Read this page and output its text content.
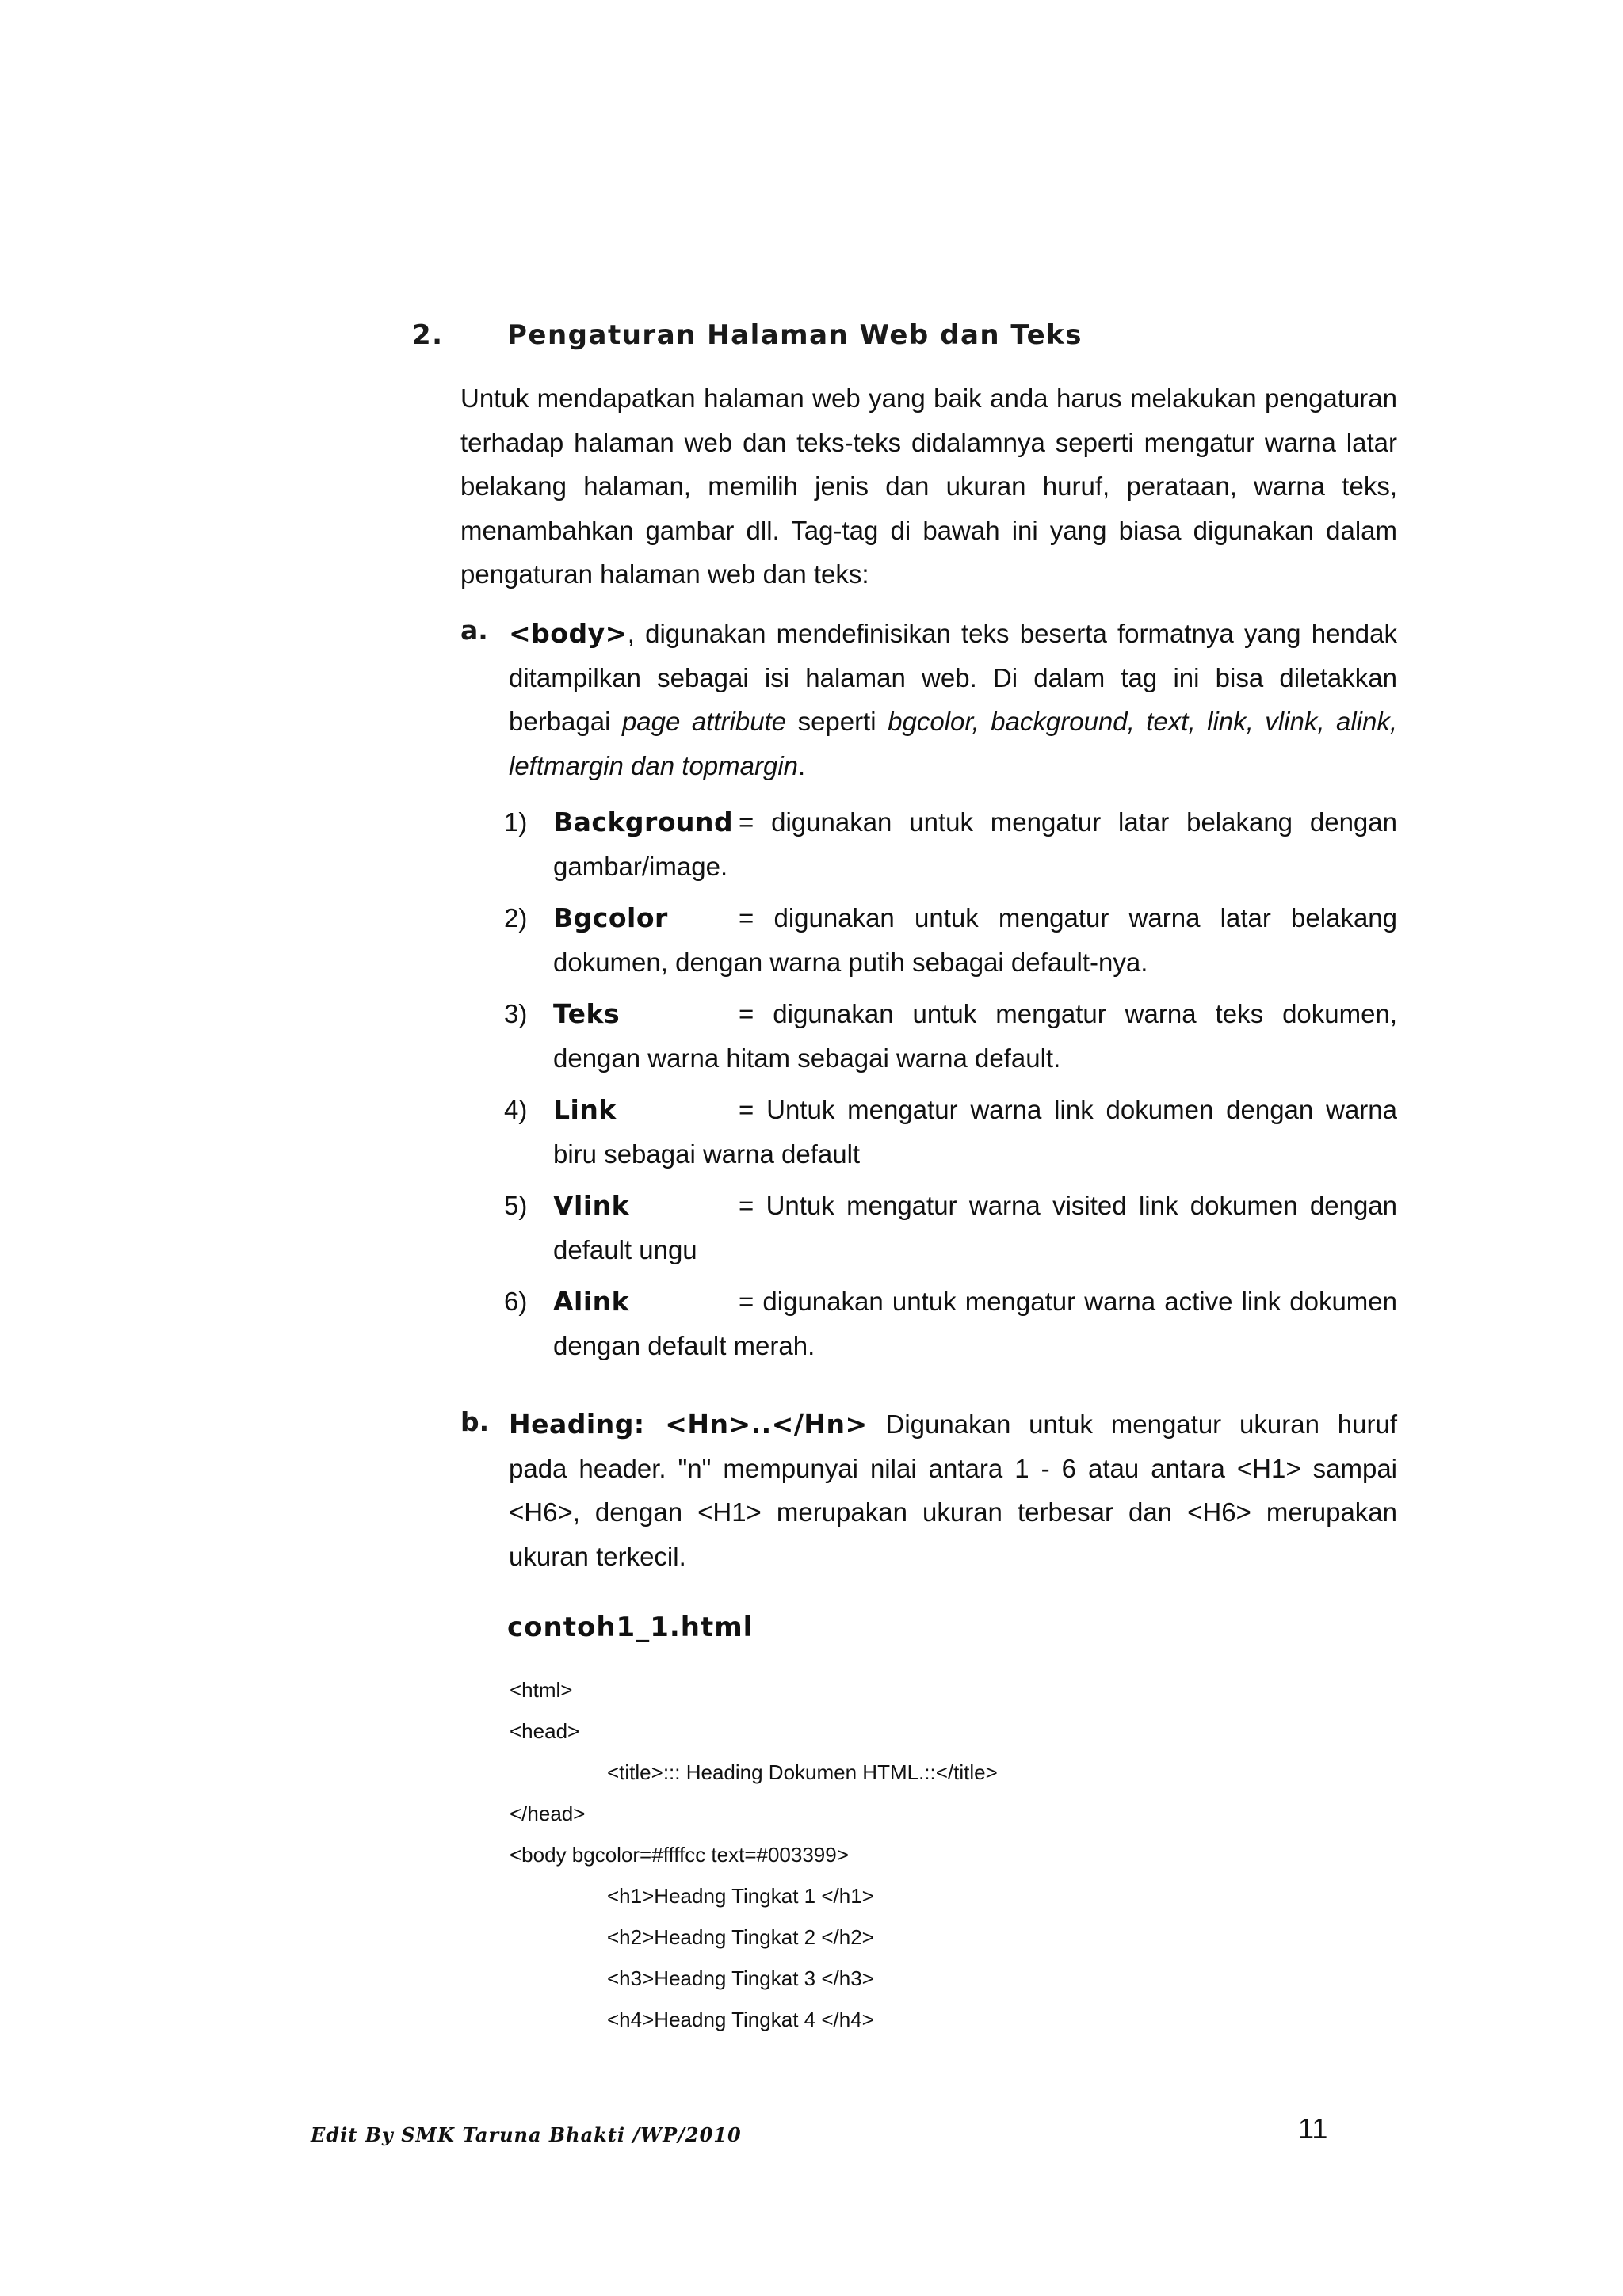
2. Pengaturan Halaman Web dan Teks
Untuk mendapatkan halaman web yang baik anda harus melakukan pengaturan terhadap halaman web dan teks-teks didalamnya seperti mengatur warna latar belakang halaman, memilih jenis dan ukuran huruf, perataan, warna teks, menambahkan gambar dll. Tag-tag di bawah ini yang biasa digunakan dalam pengaturan halaman web dan teks:
a. <body>, digunakan mendefinisikan teks beserta formatnya yang hendak ditampilkan sebagai isi halaman web. Di dalam tag ini bisa diletakkan berbagai page attribute seperti bgcolor, background, text, link, vlink, alink, leftmargin dan topmargin.
1) Background = digunakan untuk mengatur latar belakang dengan gambar/image.
2) Bgcolor	= digunakan untuk mengatur warna latar belakang dokumen, dengan warna putih sebagai default-nya.
3) Teks	= digunakan untuk mengatur warna teks dokumen, dengan warna hitam sebagai warna default.
4) Link	= Untuk mengatur warna link dokumen dengan warna biru sebagai warna default
5) Vlink	= Untuk mengatur warna visited link dokumen dengan default ungu
6) Alink	= digunakan untuk mengatur warna active link dokumen dengan default merah.
b. Heading: <Hn>..</Hn> Digunakan untuk mengatur ukuran huruf pada header. "n" mempunyai nilai antara 1 - 6 atau antara <H1> sampai <H6>, dengan <H1> merupakan ukuran terbesar dan <H6> merupakan ukuran terkecil.
contoh1_1.html
<html>
<head>
<title>::: Heading Dokumen HTML.::</title>
</head>
<body bgcolor=#ffffcc text=#003399>
<h1>Headng Tingkat 1 </h1>
<h2>Headng Tingkat 2 </h2>
<h3>Headng Tingkat 3 </h3>
<h4>Headng Tingkat 4 </h4>
Edit By SMK Taruna Bhakti /WP/2010	11
